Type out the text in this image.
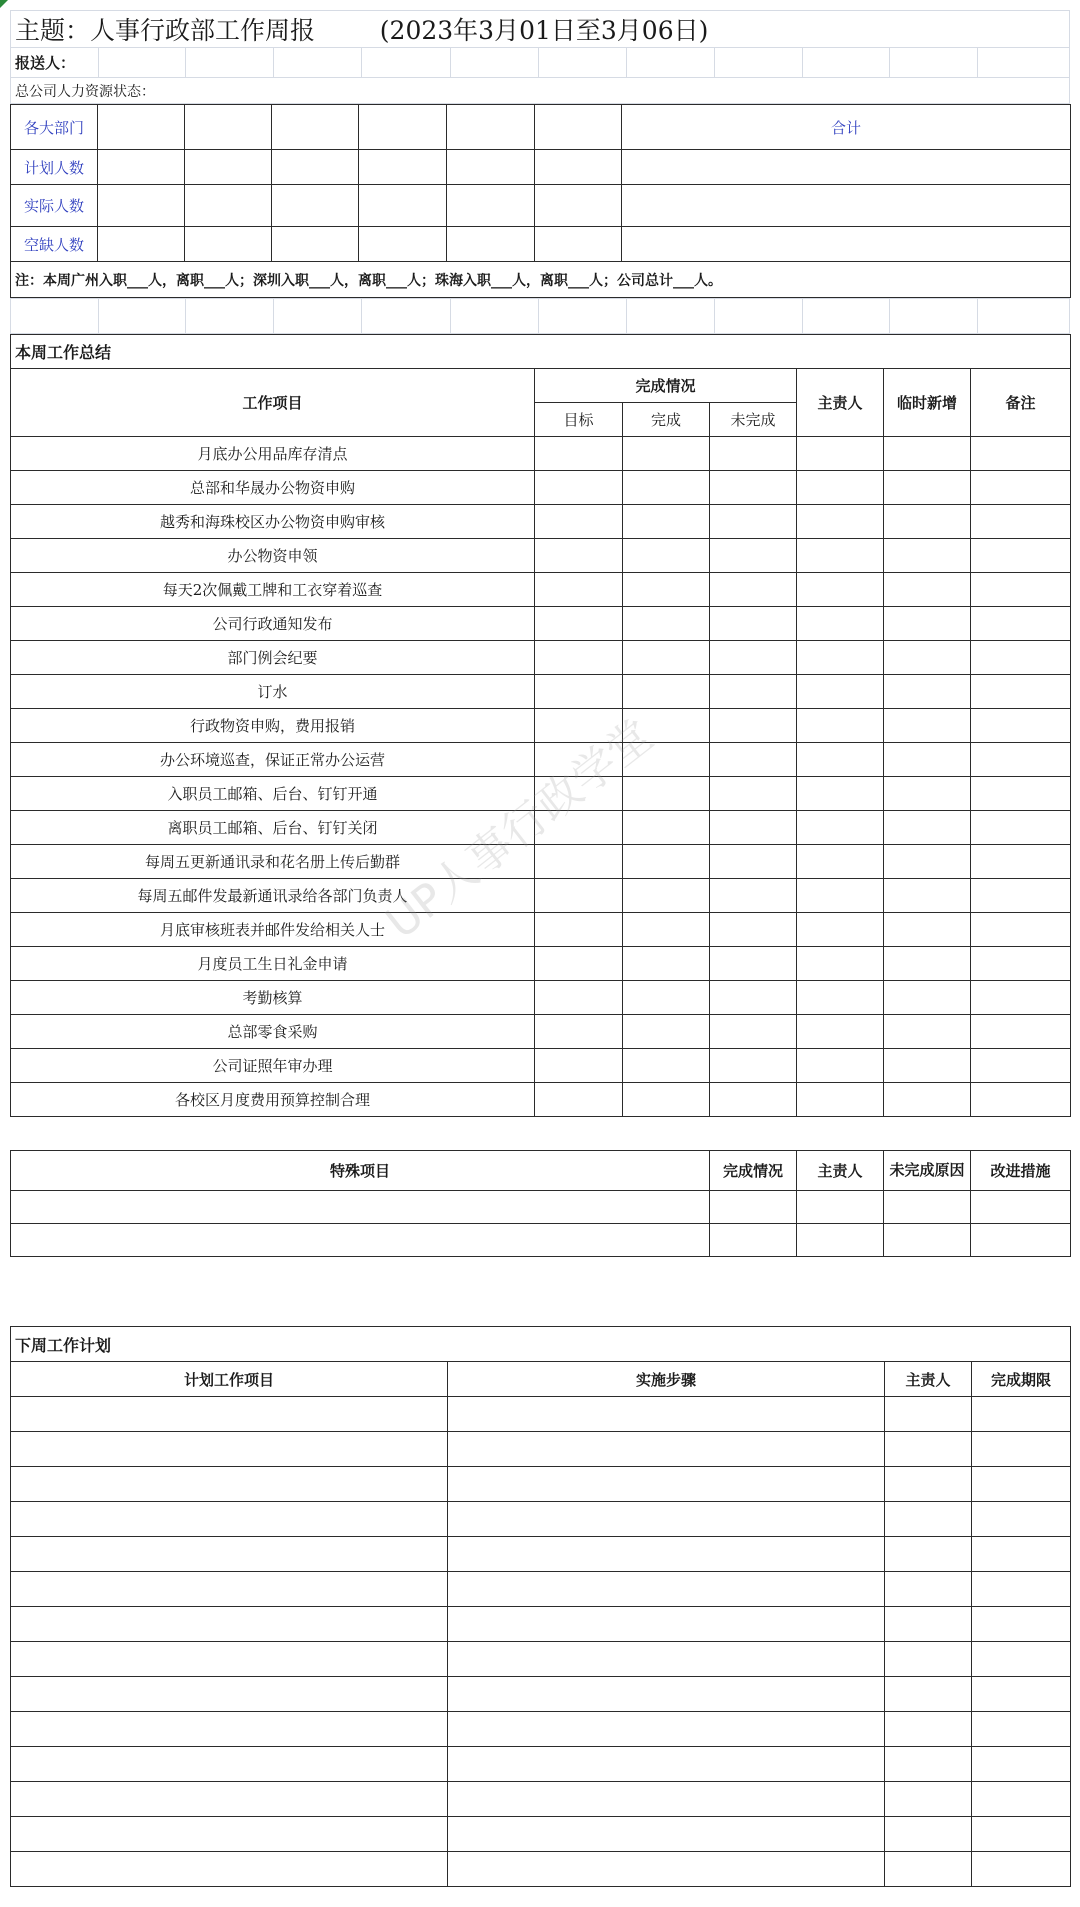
主题：人事行政部工作周报	(2023年3月01日至3月06日)
报送人：											
总公司人力资源状态：
各大部门							合计
计划人数							
实际人数							
空缺人数							
注：本周广州入职___人，离职___人；深圳入职___人，离职___人；珠海入职___人，离职___人；公司总计___人。							

本周工作总结						
工作项目	完成情况			主责人	临时新增	备注
	目标	完成	未完成			
月底办公用品库存清点						
总部和华晟办公物资申购						
越秀和海珠校区办公物资申购审核						
办公物资申领						
每天2次佩戴工牌和工衣穿着巡查						
公司行政通知发布						
部门例会纪要						
订水						
行政物资申购，费用报销						
办公环境巡查，保证正常办公运营						
入职员工邮箱、后台、钉钉开通						
离职员工邮箱、后台、钉钉关闭						
每周五更新通讯录和花名册上传后勤群						
每周五邮件发最新通讯录给各部门负责人						
月底审核班表并邮件发给相关人士						
月度员工生日礼金申请						
考勤核算						
总部零食采购						
公司证照年审办理						
各校区月度费用预算控制合理						
特殊项目	完成情况	主责人	未完成原因	改进措施

下周工作计划			
计划工作项目	实施步骤	主责人	完成期限

UP人事行政学堂
